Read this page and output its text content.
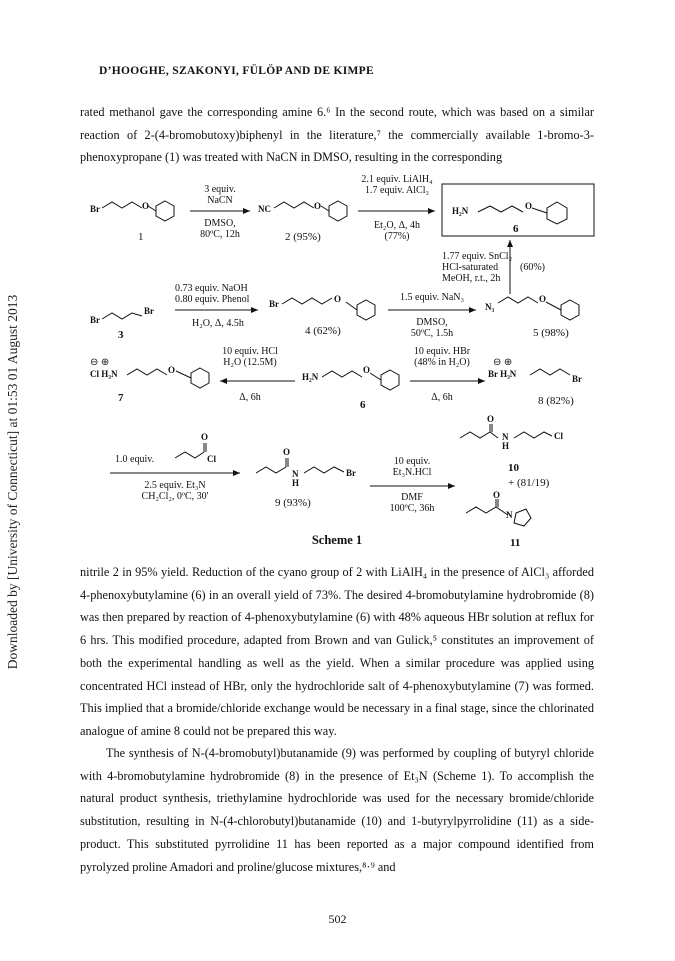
Downloaded by [University of Connecticut] at 01:53 01 August 2013
D’HOOGHE, SZAKONYI, FÜLÖP AND DE KIMPE

rated methanol gave the corresponding amine 6.⁶ In the second route, which was based on a similar reaction of 2-(4-bromobutoxy)biphenyl in the literature,⁷ the commercially available 1-bromo-3-phenoxypropane (1) was treated with NaCN in DMSO, resulting in the corresponding

Br	O
1
3 equiv.
NaCN
DMSO,
80ºC, 12h
NC	O
2 (95%)
2.1 equiv. LiAlH₄
1.7 equiv. AlCl₃
Et₂O, Δ, 4h
(77%)
H₂N	O
6
1.77 equiv. SnCl₂
HCl-saturated
MeOH, r.t., 2h
(60%)
Br
Br
3
0.73 equiv. NaOH
0.80 equiv. Phenol
H₂O, Δ, 4.5h
Br	O
4 (62%)
1.5 equiv. NaN₃
DMSO,
50ºC, 1.5h
N₃
O
5 (98%)
⊖ ⊕
Cl H₃N	O
7
10 equiv. HCl
H₂O (12.5M)
Δ, 6h
H₂N
O
6
10 equiv. HBr
(48% in H₂O)
Δ, 6h
⊖ ⊕
Br H₃N	Br
8 (82%)
O
N
H
Cl
10
+ (81/19)
O
N
11
1.0 equiv.
O
Cl
2.5 equiv. Et₃N
CH₂Cl₂, 0ºC, 30'
O
N
H
Br
9 (93%)
10 equiv.
Et₃N.HCl
DMF
100ºC, 36h
Scheme 1

nitrile 2 in 95% yield. Reduction of the cyano group of 2 with LiAlH₄ in the presence of AlCl₃ afforded 4-phenoxybutylamine (6) in an overall yield of 73%. The desired 4-bromobutylamine hydrobromide (8) was then prepared by reaction of 4-phenoxybutylamine (6) with 48% aqueous HBr solution at reflux for 6 hrs. This modified procedure, adapted from Brown and van Gulick,⁵ constitutes an improvement of both the experimental handling as well as the yield. When a similar procedure was applied using concentrated HCl instead of HBr, only the hydrochloride salt of 4-phenoxybutylamine (7) was formed. This implied that a bromide/chloride exchange would be necessary in a final stage, since the chlorinated analogue of amine 8 could not be prepared this way.

The synthesis of N-(4-bromobutyl)butanamide (9) was performed by coupling of butyryl chloride with 4-bromobutylamine hydrobromide (8) in the presence of Et₃N (Scheme 1). To accomplish the natural product synthesis, triethylamine hydrochloride was used for the necessary bromide/chloride substitution, resulting in N-(4-chlorobutyl)butanamide (10) and 1-butyrylpyrrolidine (11) as a side-product. This substituted pyrrolidine 11 has been reported as a major compound identified from pyrolyzed proline Amadori and proline/glucose mixtures,⁸·⁹ and

502
